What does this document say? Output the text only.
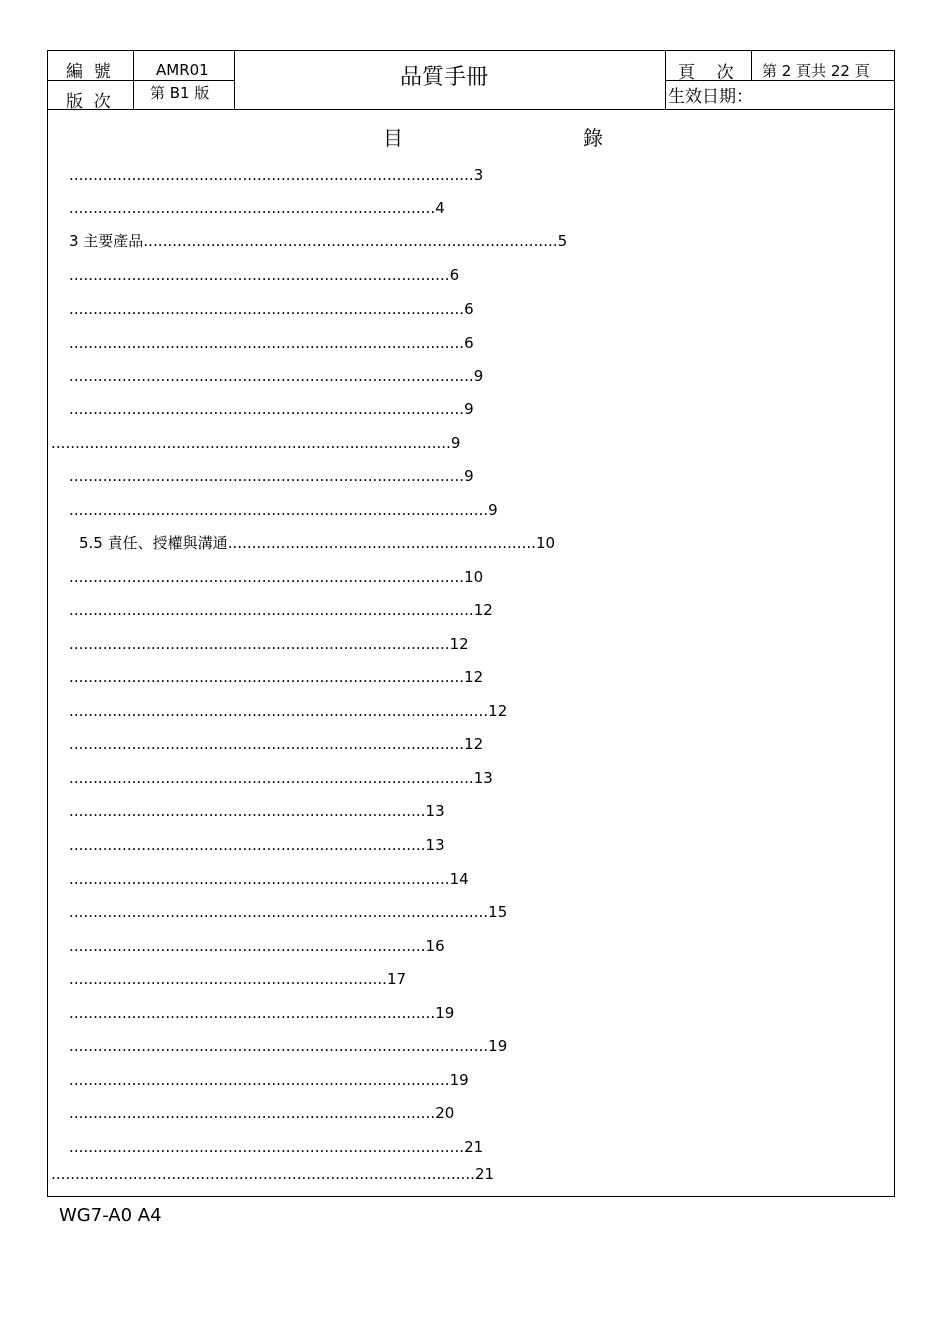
編  號	AMR01
版  次	第 B1 版
品質手冊	頁    次 第 2 頁共 22 頁
生效日期：
目	錄
....................................................................................3
............................................................................4
3 主要產品......................................................................................5
...............................................................................6
..................................................................................6
..................................................................................6
....................................................................................9
..................................................................................9
...................................................................................9
..................................................................................9
.......................................................................................9
5.5 責任、授權與溝通................................................................10
..................................................................................10
....................................................................................12
...............................................................................12
..................................................................................12
.......................................................................................12
..................................................................................12
....................................................................................13
..........................................................................13
..........................................................................13
...............................................................................14
.......................................................................................15
..........................................................................16
..................................................................17
............................................................................19
.......................................................................................19
...............................................................................19
............................................................................20
..................................................................................21
........................................................................................21
WG7-A0 A4
